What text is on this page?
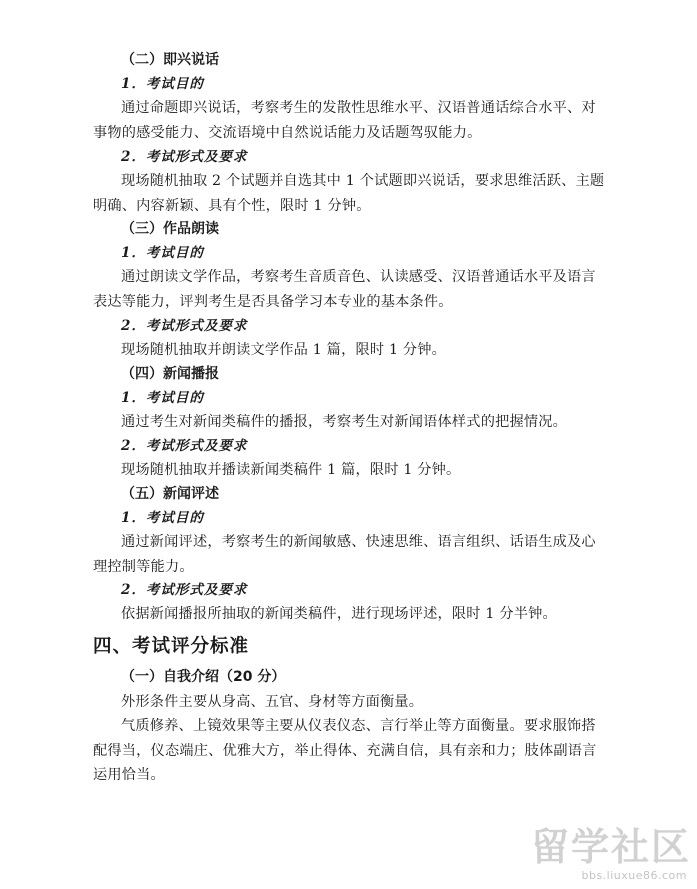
（二）即兴说话
1．考试目的
通过命题即兴说话，考察考生的发散性思维水平、汉语普通话综合水平、对
事物的感受能力、交流语境中自然说话能力及话题驾驭能力。
2．考试形式及要求
现场随机抽取 2 个试题并自选其中 1 个试题即兴说话，要求思维活跃、主题
明确、内容新颖、具有个性，限时 1 分钟。
（三）作品朗读
1．考试目的
通过朗读文学作品，考察考生音质音色、认读感受、汉语普通话水平及语言
表达等能力，评判考生是否具备学习本专业的基本条件。
2．考试形式及要求
现场随机抽取并朗读文学作品 1 篇，限时 1 分钟。
（四）新闻播报
1．考试目的
通过考生对新闻类稿件的播报，考察考生对新闻语体样式的把握情况。
2．考试形式及要求
现场随机抽取并播读新闻类稿件 1 篇，限时 1 分钟。
（五）新闻评述
1．考试目的
通过新闻评述，考察考生的新闻敏感、快速思维、语言组织、话语生成及心
理控制等能力。
2．考试形式及要求
依据新闻播报所抽取的新闻类稿件，进行现场评述，限时 1 分半钟。
四、考试评分标准
（一）自我介绍（20 分）
外形条件主要从身高、五官、身材等方面衡量。
气质修养、上镜效果等主要从仪表仪态、言行举止等方面衡量。要求服饰搭
配得当，仪态端庄、优雅大方，举止得体、充满自信，具有亲和力；肢体副语言
运用恰当。
留学社区
bbs.liuxue86.com
